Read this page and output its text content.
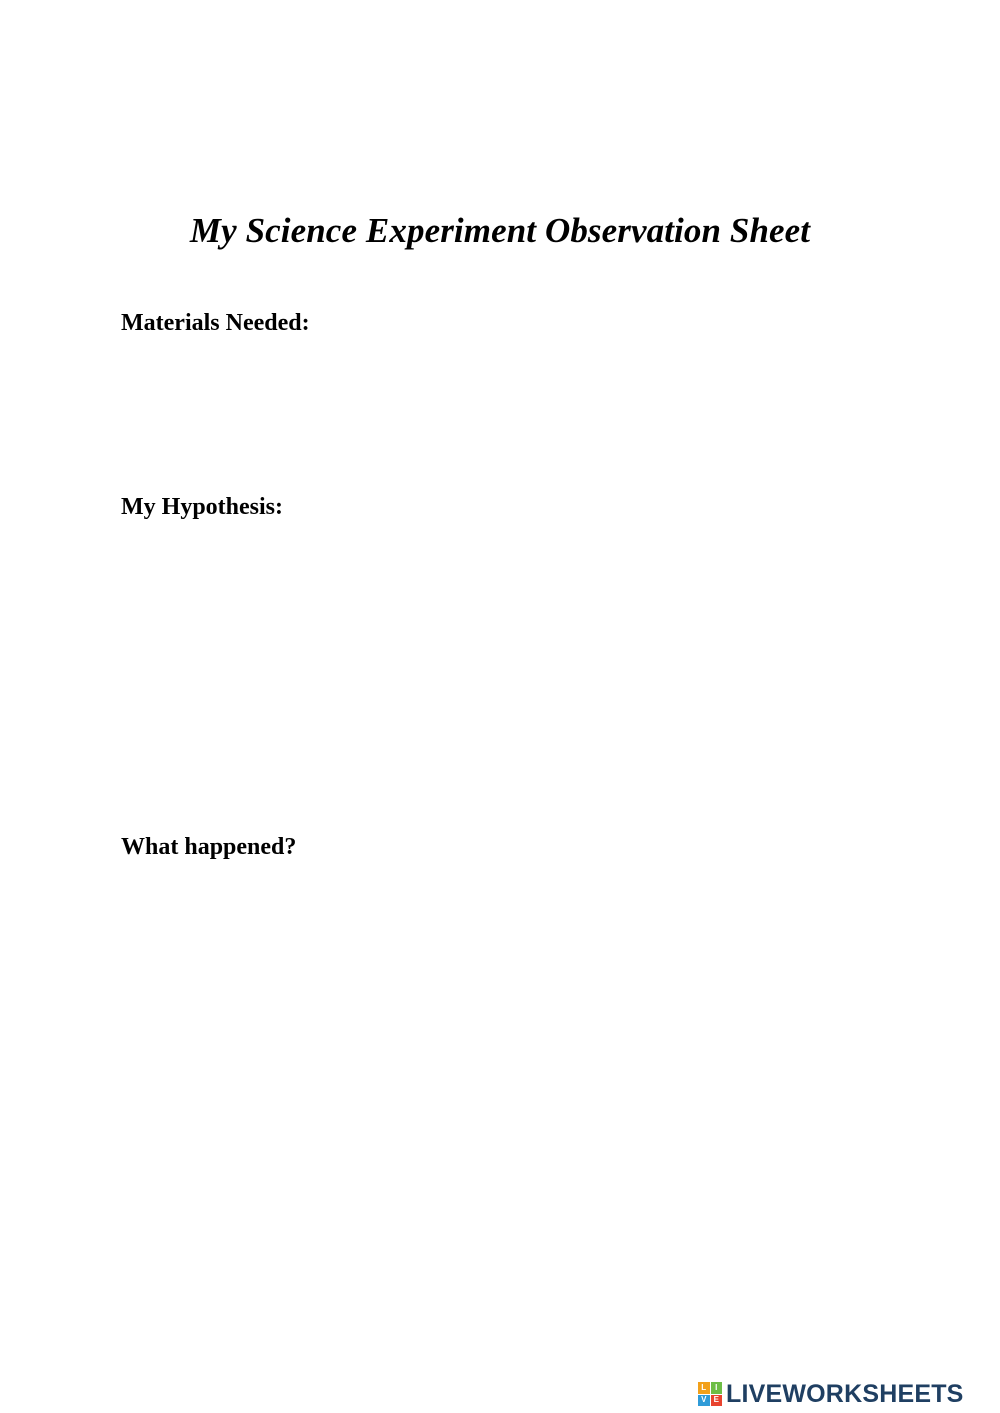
My Science Experiment Observation Sheet
Materials Needed:
My Hypothesis:
What happened?
L	I
V E LIVEWORKSHEETS
